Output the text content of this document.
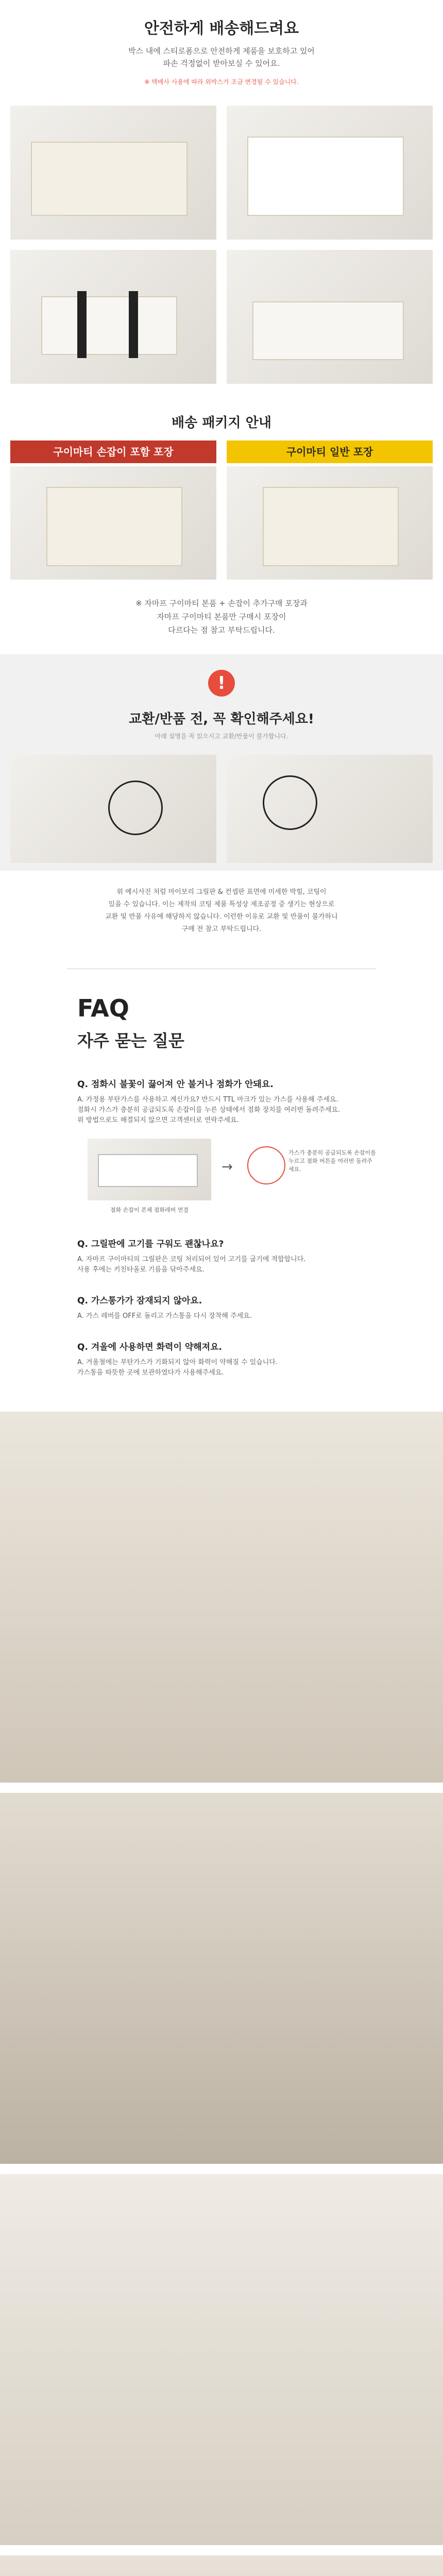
안전하게 배송해드려요
박스 내에 스티로폼으로 안전하게 제품을 보호하고 있어
파손 걱정없이 받아보실 수 있어요.
※ 택배사 사용에 따라 외박스가 조금 변경될 수 있습니다.
배송 패키지 안내
구이마티 손잡이 포함 포장	구이마티 일반 포장
※ 자마프 구이마티 본품 + 손잡이 추가구매 포장과
자마프 구이마티 본품만 구매시 포장이
다르다는 점 참고 부탁드립니다.
!
교환/반품 전, 꼭 확인해주세요!
아래 설명을 꼭 읽으시고 교환/반품이 불가합니다.
위 예시사진 처럼 마이보리 그릴판 & 컨셉판 표면에 미세한 박힘, 코팅이
있을 수 있습니다. 이는 제작의 코팅 제품 특성상 제조공정 중 생기는 현상으로
교환 및 반품 사유에 해당하지 않습니다. 이런한 이유로 교환 및 반품이 불가하니
구매 전 참고 부탁드립니다.
FAQ
자주 묻는 질문
Q. 점화시 불꽃이 끓어져 안 불거나 점화가 안돼요.
A. 가정용 부탄가스를 사용하고 계신가요? 반드시 TTL 마크가 있는 가스를 사용해 주세요.
점화시 가스가 충분히 공급되도록 손잡이를 누른 상태에서 점화 장치를 여러번 돌려주세요.
위 방법으로도 해결되지 않으면 고객센터로 연락주세요.
→
가스가 충분히 공급되도록 손잡이를 누르고 점화 버튼을 여러번 돌려주세요.
점화 손잡이 본체 점화레버 연결
Q. 그릴판에 고기를 구워도 괜찮나요?
A. 자마프 구이마티의 그릴판은 코팅 처리되어 있어 고기를 굽기에 적합합니다.
사용 후에는 키친타올로 기름을 닦아주세요.
Q. 가스통가가 잠재되지 않아요.
A. 가스 레버를 OFF로 돌리고 가스통을 다시 장착해 주세요.
Q. 겨울에 사용하면 화력이 약해져요.
A. 겨울철에는 부탄가스가 기화되지 않아 화력이 약해질 수 있습니다.
가스통을 따뜻한 곳에 보관하였다가 사용해주세요.
